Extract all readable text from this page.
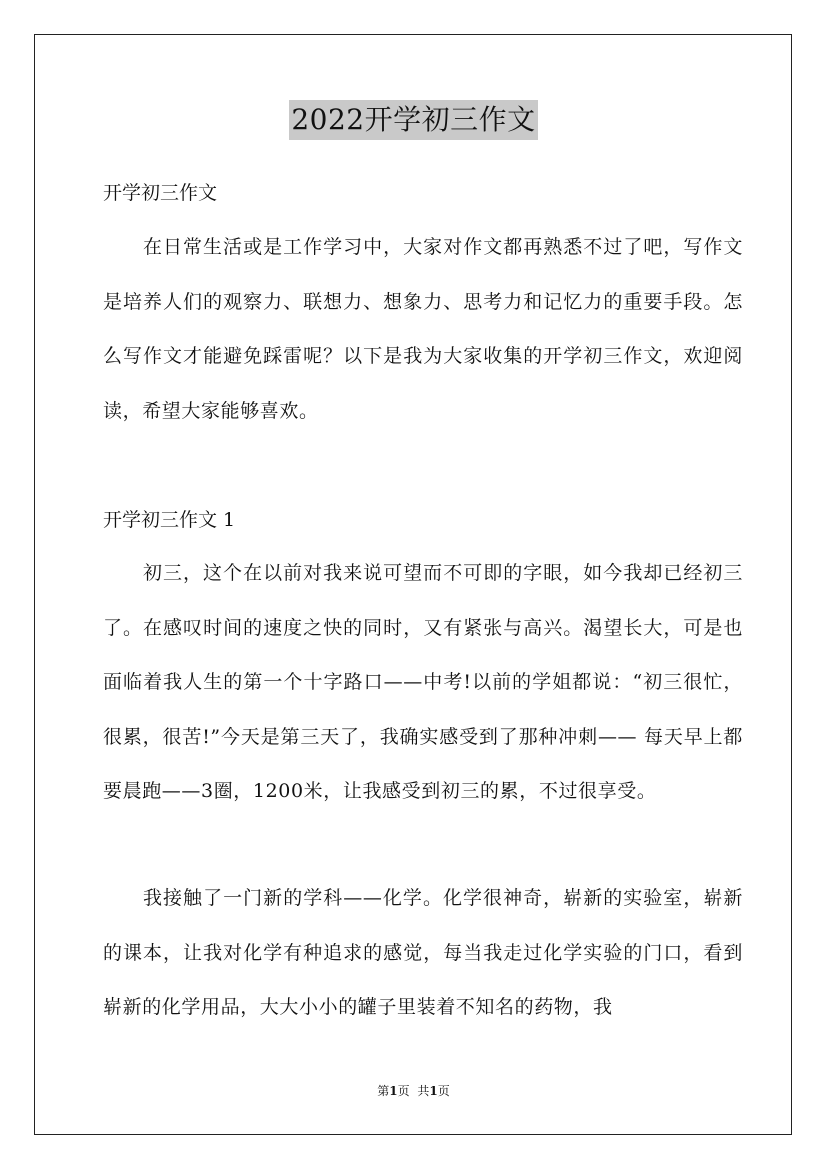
2022开学初三作文
开学初三作文

在日常生活或是工作学习中，大家对作文都再熟悉不过了吧，写作文是培养人们的观察力、联想力、想象力、思考力和记忆力的重要手段。怎么写作文才能避免踩雷呢？以下是我为大家收集的开学初三作文，欢迎阅读，希望大家能够喜欢。

开学初三作文 1

初三，这个在以前对我来说可望而不可即的字眼，如今我却已经初三了。在感叹时间的速度之快的同时，又有紧张与高兴。渴望长大，可是也面临着我人生的第一个十字路口——中考!以前的学姐都说：“初三很忙，很累，很苦!”今天是第三天了，我确实感受到了那种冲刺—— 每天早上都要晨跑——3圈，1200米，让我感受到初三的累，不过很享受。

我接触了一门新的学科——化学。化学很神奇，崭新的实验室，崭新的课本，让我对化学有种追求的感觉，每当我走过化学实验的门口，看到崭新的化学用品，大大小小的罐子里装着不知名的药物，我

第1页 共1页
